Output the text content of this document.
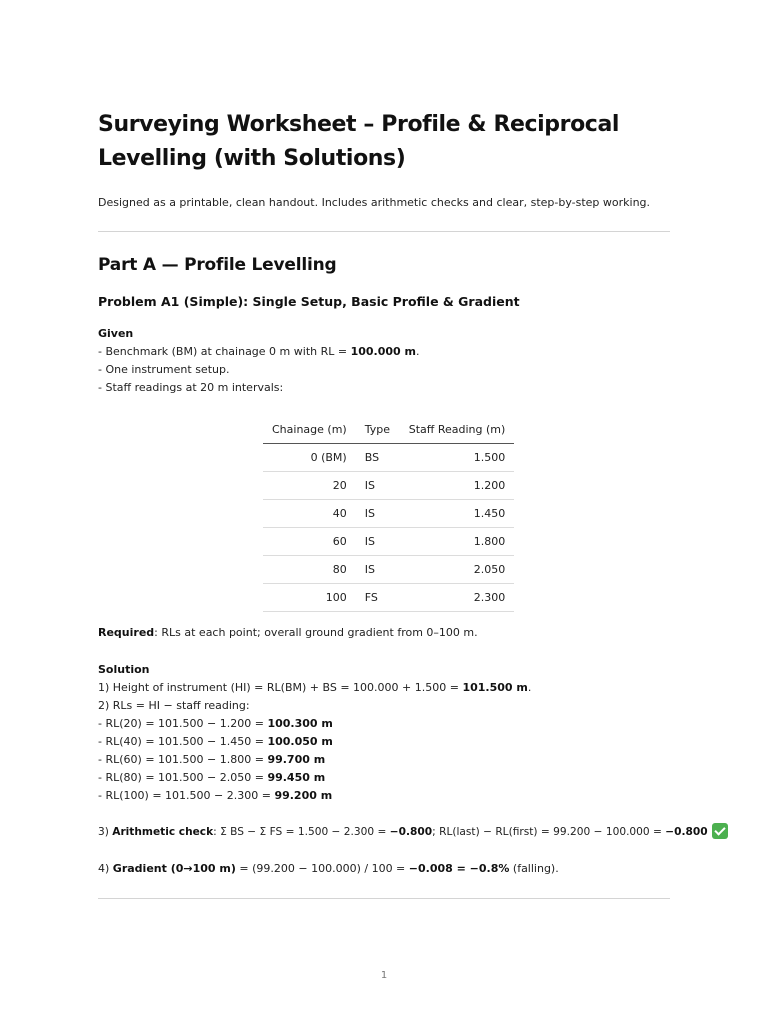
Surveying Worksheet – Profile & Reciprocal Levelling (with Solutions)

Designed as a printable, clean handout. Includes arithmetic checks and clear, step-by-step working.

Part A — Profile Levelling
Problem A1 (Simple): Single Setup, Basic Profile & Gradient
Given
- Benchmark (BM) at chainage 0 m with RL = 100.000 m.
- One instrument setup.
- Staff readings at 20 m intervals:
Chainage (m)	Type	Staff Reading (m)
0 (BM)	BS	1.500
20	IS	1.200
40	IS	1.450
60	IS	1.800
80	IS	2.050
100	FS	2.300
Required: RLs at each point; overall ground gradient from 0–100 m.
Solution
1) Height of instrument (HI) = RL(BM) + BS = 100.000 + 1.500 = 101.500 m.
2) RLs = HI − staff reading:
- RL(20) = 101.500 − 1.200 = 100.300 m
- RL(40) = 101.500 − 1.450 = 100.050 m
- RL(60) = 101.500 − 1.800 = 99.700 m
- RL(80) = 101.500 − 2.050 = 99.450 m
- RL(100) = 101.500 − 2.300 = 99.200 m
3) Arithmetic check: Σ BS − Σ FS = 1.500 − 2.300 = −0.800; RL(last) − RL(first) = 99.200 − 100.000 = −0.800
4) Gradient (0→100 m) = (99.200 − 100.000) / 100 = −0.008 = −0.8% (falling).
1
